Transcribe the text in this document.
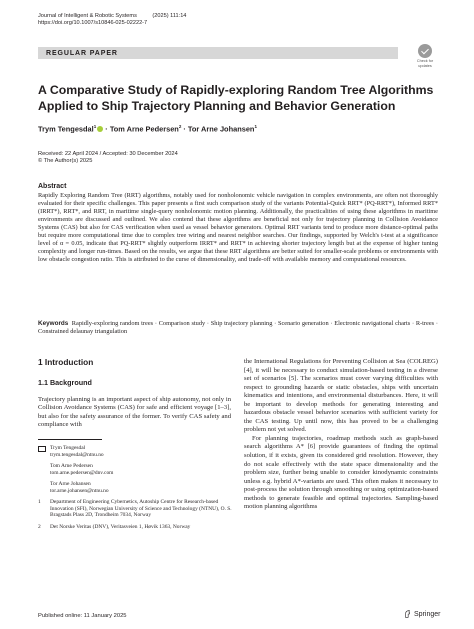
Journal of Intelligent & Robotic Systems          (2025) 111:14
https://doi.org/10.1007/s10846-025-02222-7
REGULAR PAPER
Check for
updates
A Comparative Study of Rapidly-exploring Random Tree Algorithms Applied to Ship Trajectory Planning and Behavior Generation
Trym Tengesdal$^1$ · Tom Arne Pedersen$^2$ · Tor Arne Johansen$^1$
Received: 22 April 2024 / Accepted: 30 December 2024
© The Author(s) 2025
Abstract
Rapidly Exploring Random Tree (RRT) algorithms, notably used for nonholonomic vehicle navigation in complex environments, are often not thoroughly evaluated for their specific challenges. This paper presents a first such comparison study of the variants Potential-Quick RRT* (PQ-RRT*), Informed RRT* (IRRT*), RRT*, and RRT, in maritime single-query nonholonomic motion planning. Additionally, the practicalities of using these algorithms in maritime environments are discussed and outlined. We also contend that these algorithms are beneficial not only for trajectory planning in Collision Avoidance Systems (CAS) but also for CAS verification when used as vessel behavior generators. Optimal RRT variants tend to produce more distance-optimal paths but require more computational time due to complex tree wiring and nearest neighbor searches. Our findings, supported by Welch's t-test at a significance level of α = 0.05, indicate that PQ-RRT* slightly outperform IRRT* and RRT* in achieving shorter trajectory length but at the expense of higher tuning complexity and longer run-times. Based on the results, we argue that these RRT algorithms are better suited for smaller-scale problems or environments with low obstacle congestion ratio. This is attributed to the curse of dimensionality, and trade-off with available memory and computational resources.
Keywords Rapidly-exploring random trees · Comparison study · Ship trajectory planning · Scenario generation · Electronic navigational charts · R-trees · Constrained delaunay triangulation
1 Introduction
1.1 Background

Trajectory planning is an important aspect of ship autonomy, not only in Collision Avoidance Systems (CAS) for safe and efficient voyage [1–3], but also for the safety assurance of the former. To verify CAS safety and compliance with

the International Regulations for Preventing Collision at Sea (COLREG) [4], it will be necessary to conduct simulation-based testing in a diverse set of scenarios [5]. The scenarios must cover varying difficulties with respect to grounding hazards or static obstacles, ships with uncertain kinematics and intentions, and environmental disturbances. Here, it will be important to develop methods for generating interesting and hazardous obstacle vessel behavior scenarios with sufficient variety for the CAS testing. Up until now, this has proved to be a challenging problem not yet solved.

For planning trajectories, roadmap methods such as graph-based search algorithms A* [6] provide guarantees of finding the optimal solution, if it exists, given its considered grid resolution. However, they do not scale effectively with the state space dimensionality and the problem size, further being unable to consider kinodynamic constraints unless e.g. hybrid A*-variants are used. This often makes it necessary to post-process the solution through smoothing or using optimization-based methods to generate feasible and optimal trajectories. Sampling-based motion planning algorithms

Trym Tengesdal
trym.tengesdal@ntnu.no
Tom Arne Pedersen
tom.arne.pedersen@dnv.com
Tor Arne Johansen
tor.arne.johansen@ntnu.no
1	Department of Engineering Cybernetics, Autoship Centre for Research-based Innovation (SFI), Norwegian University of Science and Technology (NTNU), O. S. Bragstads Plass 2D, Trondheim 7034, Norway
2	Det Norske Veritas (DNV), Veritasveien 1, Høvik 1363, Norway
Published online: 11 January 2025	Springer
